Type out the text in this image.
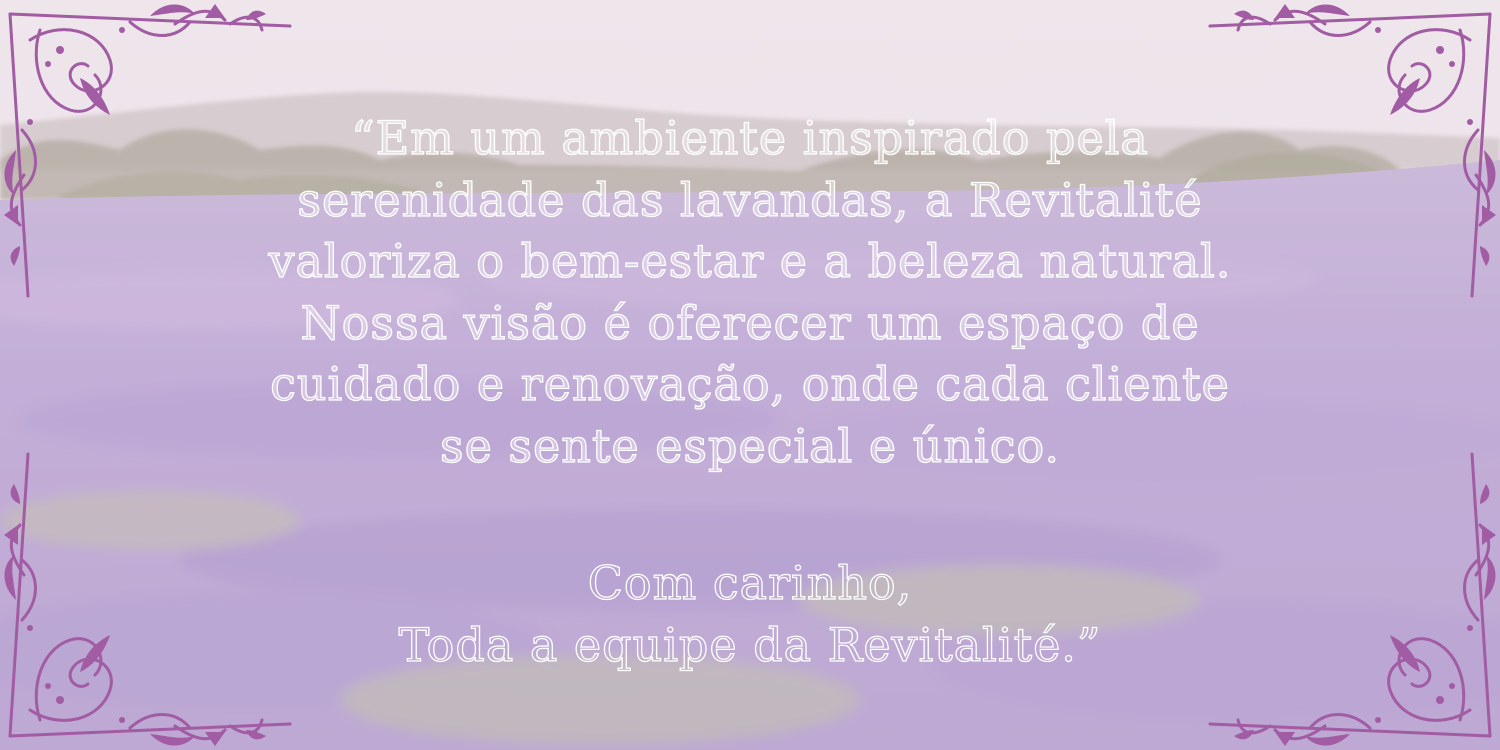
“Em um ambiente inspirado pela
serenidade das lavandas, a Revitalité
valoriza o bem-estar e a beleza natural.
Nossa visão é oferecer um espaço de
cuidado e renovação, onde cada cliente
se sente especial e único.
Com carinho,
Toda a equipe da Revitalité.”
